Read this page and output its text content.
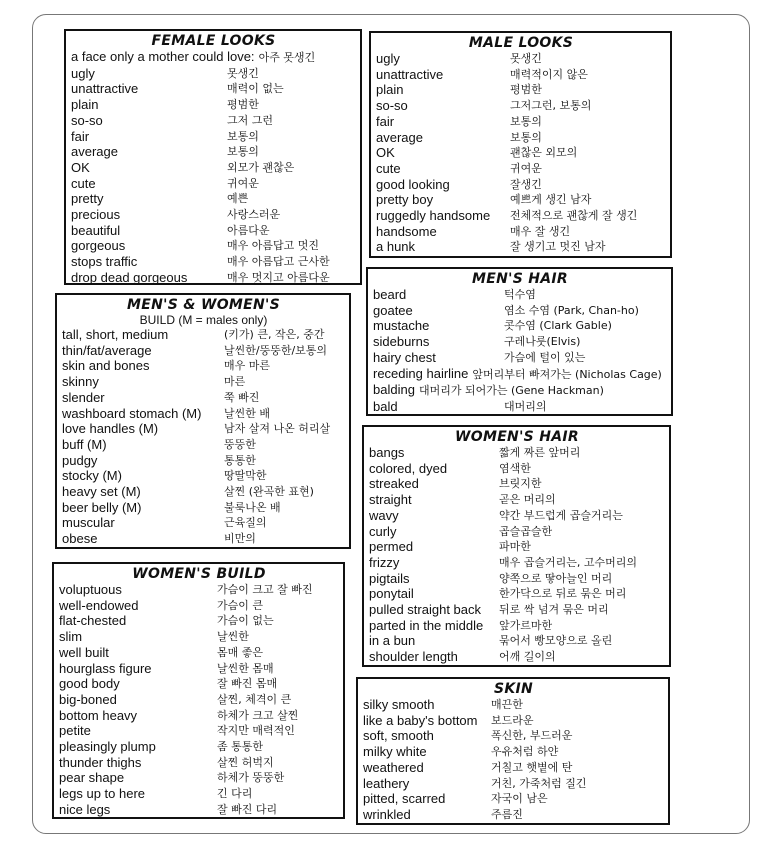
FEMALE LOOKS
a face only a mother could love: 아주 못생긴
ugly	못생긴
unattractive	매력이 없는
plain	평범한
so-so	그저 그런
fair	보통의
average	보통의
OK	외모가 괜찮은
cute	귀여운
pretty	예쁜
precious	사랑스러운
beautiful	아름다운
gorgeous	매우 아름답고 멋진
stops traffic	매우 아름답고 근사한
drop dead gorgeous	매우 멋지고 아름다운
MEN'S & WOMEN'S
BUILD (M = males only)
tall, short, medium	(키가) 큰, 작은, 중간
thin/fat/average	날씬한/뚱뚱한/보통의
skin and bones	매우 마른
skinny	마른
slender	쭉 빠진
washboard stomach (M) 날씬한 배
love handles (M)	남자 살져 나온 허리살
buff (M)	뚱뚱한
pudgy	통통한
stocky (M)	땅딸막한
heavy set (M)	살찐 (완곡한 표현)
beer belly (M)	불룩나온 배
muscular	근육질의
obese	비만의
WOMEN'S BUILD
voluptuous	가슴이 크고 잘 빠진
well-endowed	가슴이 큰
flat-chested	가슴이 없는
slim	날씬한
well built	몸매 좋은
hourglass figure	날씬한 몸매
good body	잘 빠진 몸매
big-boned	살찐, 체격이 큰
bottom heavy	하체가 크고 살찐
petite	작지만 매력적인
pleasingly plump	좀 통통한
thunder thighs	살찐 허벅지
pear shape	하체가 뚱뚱한
legs up to here	긴 다리
nice legs	잘 빠진 다리
MALE LOOKS
ugly	못생긴
unattractive	매력적이지 않은
plain	평범한
so-so	그저그런, 보통의
fair	보통의
average	보통의
OK	괜찮은 외모의
cute	귀여운
good looking	잘생긴
pretty boy	예쁘게 생긴 남자
ruggedly handsome 전체적으로 괜찮게 잘 생긴
handsome	매우 잘 생긴
a hunk	잘 생기고 멋진 남자
MEN'S HAIR
beard	턱수염
goatee	염소 수염 (Park, Chan-ho)
mustache	콧수염 (Clark Gable)
sideburns	구레나룻(Elvis)
hairy chest	가슴에 털이 있는
receding hairline 앞머리부터 빠져가는 (Nicholas Cage)
balding 대머리가 되어가는 (Gene Hackman)
bald	대머리의
WOMEN'S HAIR
bangs	짧게 짜른 앞머리
colored, dyed	염색한
streaked	브릿지한
straight	곧은 머리의
wavy	약간 부드럽게 곱슬거리는
curly	곱슬곱슬한
permed	파마한
frizzy	매우 곱슬거리는, 고수머리의
pigtails	양쪽으로 땋아늘인 머리
ponytail	한가닥으로 뒤로 묶은 머리
pulled straight back 뒤로 싹 넘겨 묶은 머리
parted in the middle 앞가르마한
in a bun	묶어서 빵모양으로 올린
shoulder length	어깨 길이의
SKIN
silky smooth	매끈한
like a baby's bottom 보드라운
soft, smooth	폭신한, 부드러운
milky white	우유처럼 하얀
weathered	거칠고 햇볕에 탄
leathery	거친, 가죽처럼 질긴
pitted, scarred	자국이 남은
wrinkled	주름진
